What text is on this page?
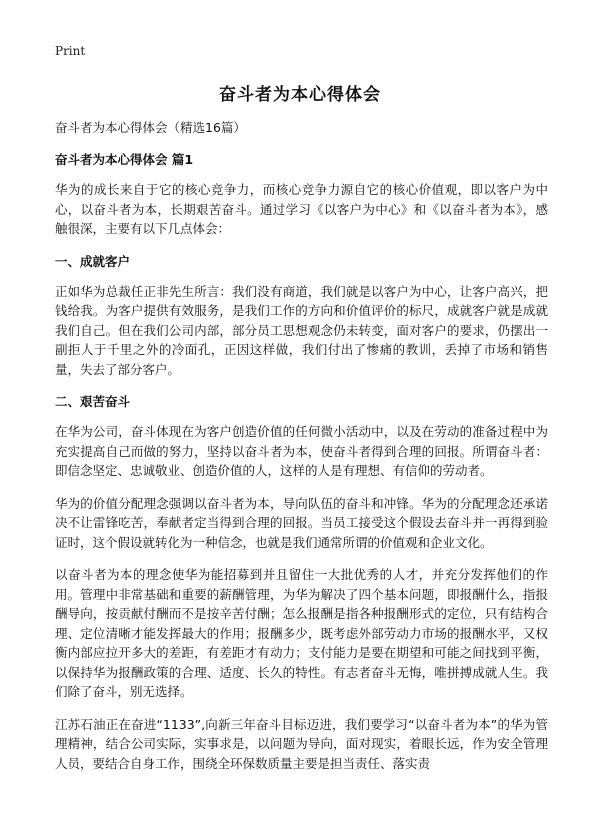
Print
奋斗者为本心得体会
奋斗者为本心得体会（精选16篇）
奋斗者为本心得体会 篇1

华为的成长来自于它的核心竞争力，而核心竞争力源自它的核心价值观，即以客户为中心，以奋斗者为本，长期艰苦奋斗。通过学习《以客户为中心》和《以奋斗者为本》，感触很深，主要有以下几点体会：

一、成就客户

正如华为总裁任正非先生所言：我们没有商道，我们就是以客户为中心，让客户高兴，把钱给我。为客户提供有效服务，是我们工作的方向和价值评价的标尺，成就客户就是成就我们自己。但在我们公司内部，部分员工思想观念仍未转变，面对客户的要求，仍摆出一副拒人于千里之外的冷面孔，正因这样做，我们付出了惨痛的教训，丢掉了市场和销售量，失去了部分客户。

二、艰苦奋斗

在华为公司，奋斗体现在为客户创造价值的任何微小活动中，以及在劳动的准备过程中为充实提高自己而做的努力，坚持以奋斗者为本，使奋斗者得到合理的回报。所谓奋斗者：即信念坚定、忠诚敬业、创造价值的人，这样的人是有理想、有信仰的劳动者。

华为的价值分配理念强调以奋斗者为本，导向队伍的奋斗和冲锋。华为的分配理念还承诺决不让雷锋吃苦，奉献者定当得到合理的回报。当员工接受这个假设去奋斗并一再得到验证时，这个假设就转化为一种信念，也就是我们通常所谓的价值观和企业文化。

以奋斗者为本的理念使华为能招募到并且留住一大批优秀的人才，并充分发挥他们的作用。管理中非常基础和重要的薪酬管理，为华为解决了四个基本问题，即报酬什么，指报酬导向，按贡献付酬而不是按辛苦付酬；怎么报酬是指各种报酬形式的定位，只有结构合理、定位清晰才能发挥最大的作用；报酬多少，既考虑外部劳动力市场的报酬水平，又权衡内部应拉开多大的差距，有差距才有动力；支付能力是要在期望和可能之间找到平衡，以保持华为报酬政策的合理、适度、长久的特性。有志者奋斗无悔，唯拼搏成就人生。我们除了奋斗，别无选择。

江苏石油正在奋进“1133”,向新三年奋斗目标迈进，我们要学习“以奋斗者为本”的华为管理精神，结合公司实际，实事求是，以问题为导向，面对现实，着眼长远，作为安全管理人员，要结合自身工作，围绕全环保数质量主要是担当责任、落实责
